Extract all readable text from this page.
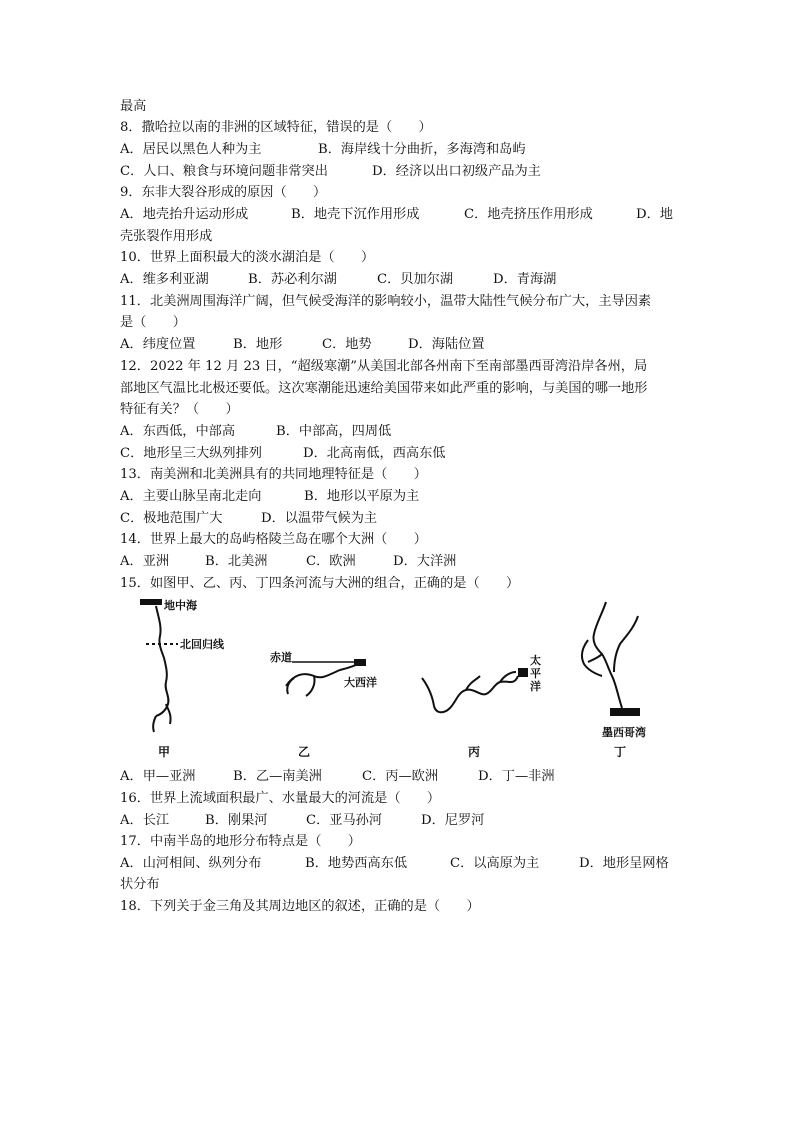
最高
8．撒哈拉以南的非洲的区域特征，错误的是（　　）
A．居民以黑色人种为主	B．海岸线十分曲折，多海湾和岛屿
C．人口、粮食与环境问题非常突出	D．经济以出口初级产品为主
9．东非大裂谷形成的原因（　　）
A．地壳抬升运动形成	B．地壳下沉作用形成	C．地壳挤压作用形成	D．地
壳张裂作用形成
10．世界上面积最大的淡水湖泊是（　　）
A．维多利亚湖	B．苏必利尔湖	C．贝加尔湖	D．青海湖
11．北美洲周围海洋广阔，但气候受海洋的影响较小，温带大陆性气候分布广大，主导因素
是（　　）
A．纬度位置	B．地形	C．地势	D．海陆位置
12．2022 年 12 月 23 日，“超级寒潮”从美国北部各州南下至南部墨西哥湾沿岸各州，局
部地区气温比北极还要低。这次寒潮能迅速给美国带来如此严重的影响，与美国的哪一地形
特征有关？（　　）
A．东西低，中部高	B．中部高，四周低
C．地形呈三大纵列排列	D．北高南低，西高东低
13．南美洲和北美洲具有的共同地理特征是（　　）
A．主要山脉呈南北走向	B．地形以平原为主
C．极地范围广大	D．以温带气候为主
14．世界上最大的岛屿格陵兰岛在哪个大洲（　　）
A．亚洲	B．北美洲	C．欧洲	D．大洋洲
15．如图甲、乙、丙、丁四条河流与大洲的组合，正确的是（　　）
地中海
北回归线
甲
赤道
大西洋
乙
太
平
洋
丙
墨西哥湾
丁
A．甲—亚洲	B．乙—南美洲	C．丙—欧洲	D．丁—非洲
16．世界上流域面积最广、水量最大的河流是（　　）
A．长江	B．刚果河	C．亚马孙河	D．尼罗河
17．中南半岛的地形分布特点是（　　）
A．山河相间、纵列分布	B．地势西高东低	C．以高原为主	D．地形呈网格
状分布
18．下列关于金三角及其周边地区的叙述，正确的是（　　）
